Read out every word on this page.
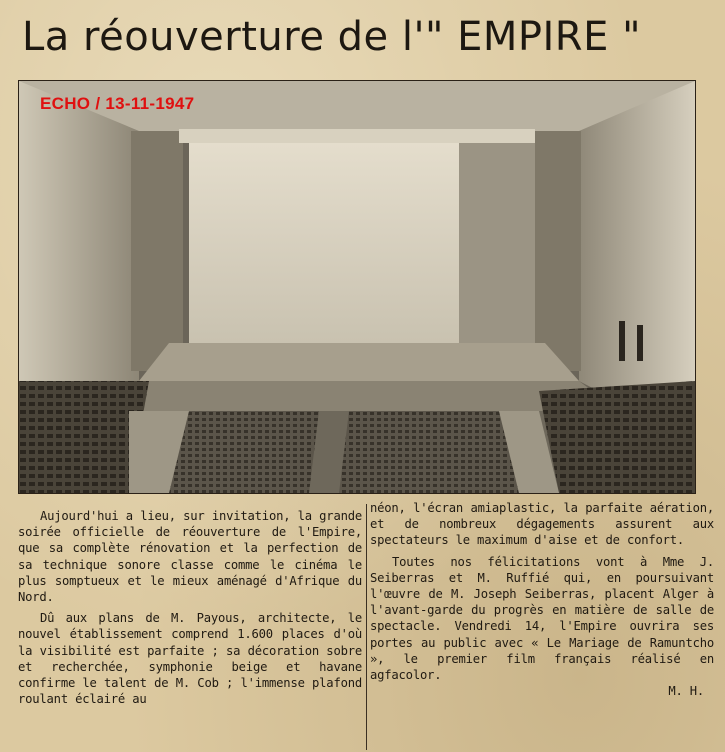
La réouverture de l'" EMPIRE "
ECHO / 13-11-1947

Aujourd'hui a lieu, sur invitation, la grande soirée officielle de réouverture de l'Empire, que sa complète rénovation et la perfection de sa technique sonore classe comme le cinéma le plus somptueux et le mieux aménagé d'Afrique du Nord.

Dû aux plans de M. Payous, architecte, le nouvel établissement comprend 1.600 places d'où la visibilité est parfaite ; sa décoration sobre et recherchée, symphonie beige et havane confirme le talent de M. Cob ; l'immense plafond roulant éclairé au

néon, l'écran amiaplastic, la parfaite aération, et de nombreux dégagements assurent aux spectateurs le maximum d'aise et de confort.

Toutes nos félicitations vont à Mme J. Seiberras et M. Ruffié qui, en poursuivant l'œuvre de M. Joseph Seiberras, placent Alger à l'avant-garde du progrès en matière de salle de spectacle. Vendredi 14, l'Empire ouvrira ses portes au public avec « Le Mariage de Ramuntcho », le premier film français réalisé en agfacolor.

M. H.
